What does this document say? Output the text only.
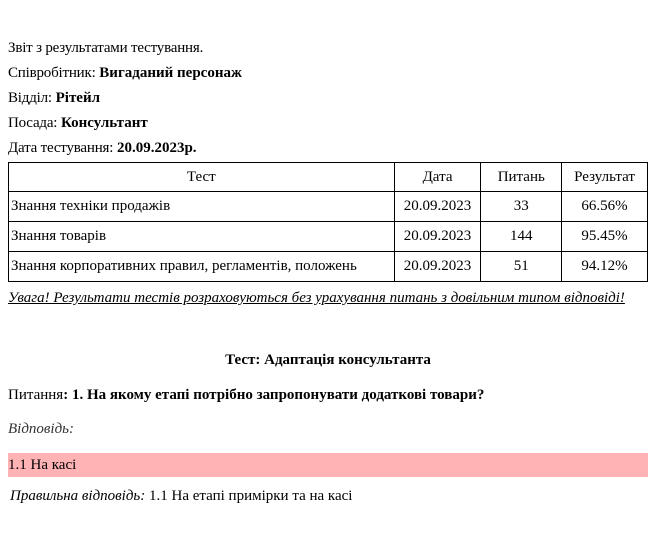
Звіт з результатами тестування.
Співробітник: Вигаданий персонаж
Відділ: Рітейл
Посада: Консультант
Дата тестування: 20.09.2023р.
Тест	Дата	Питань	Результат
Знання техніки продажів	20.09.2023	33	66.56%
Знання товарів	20.09.2023	144	95.45%
Знання корпоративних правил, регламентів, положень	20.09.2023	51	94.12%
Увага! Результати тестів розраховуються без урахування питань з довільним типом відповіді!
Тест: Адаптація консультанта
Питання: 1. На якому етапі потрібно запропонувати додаткові товари?
Відповідь:
1.1 На касі
Правильна відповідь: 1.1 На етапі примірки та на касі
